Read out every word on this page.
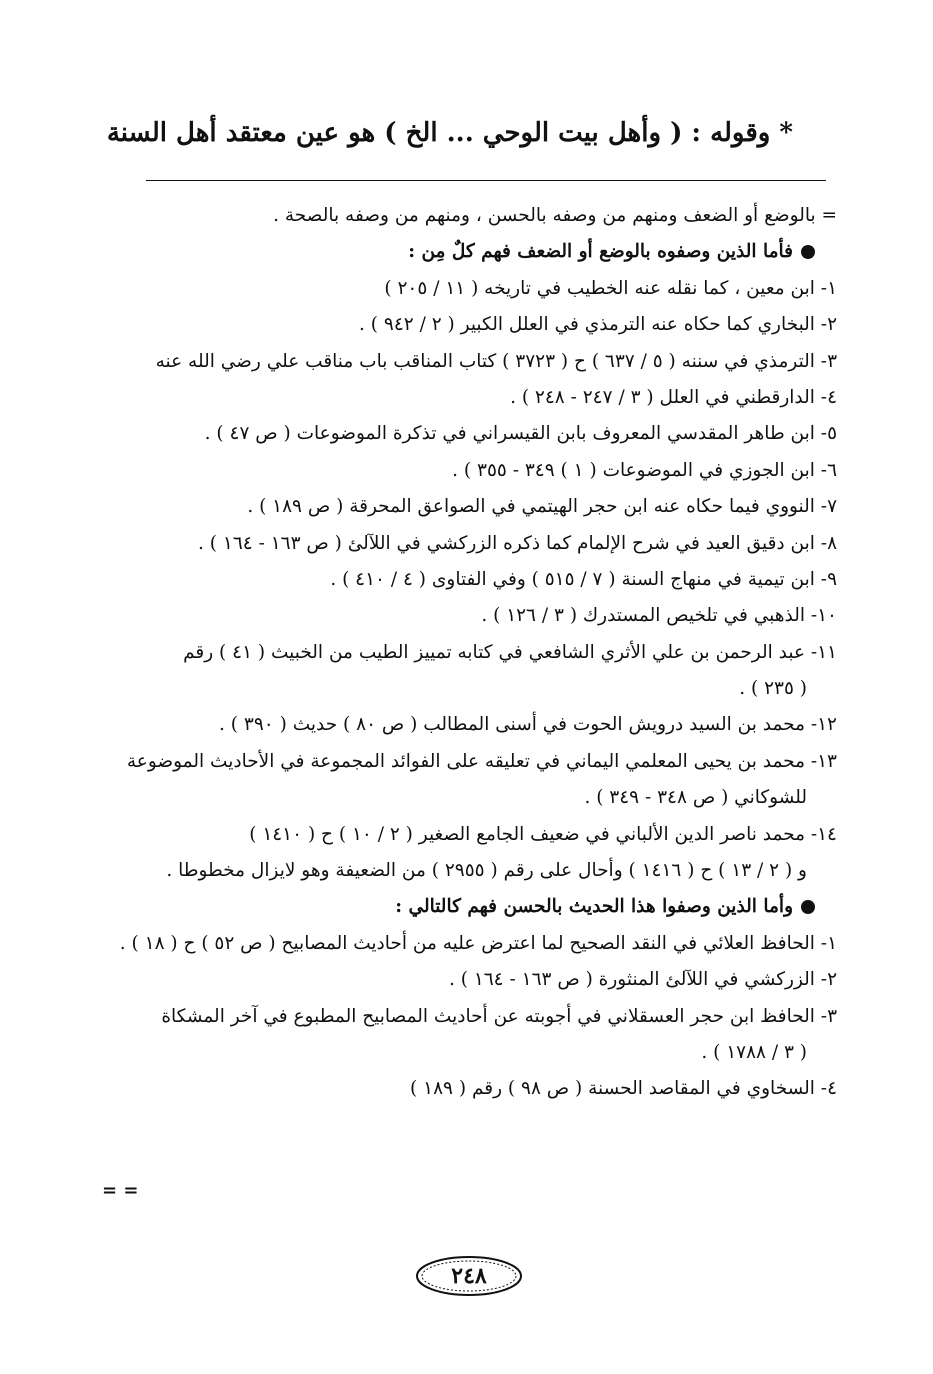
* وقوله : ( وأهل بيت الوحي ... الخ ) هو عين معتقد أهل السنة
= بالوضع أو الضعف ومنهم من وصفه بالحسن ، ومنهم من وصفه بالصحة .
فأما الذين وصفوه بالوضع أو الضعف فهم كلٌ مِن :
١- ابن معين ، كما نقله عنه الخطيب في تاريخه ( ١١ / ٢٠٥ )
٢- البخاري كما حكاه عنه الترمذي في العلل الكبير ( ٢ / ٩٤٢ ) .
٣- الترمذي في سننه ( ٥ / ٦٣٧ ) ح ( ٣٧٢٣ ) كتاب المناقب باب مناقب علي رضي الله عنه
٤- الدارقطني في العلل ( ٣ / ٢٤٧ - ٢٤٨ ) .
٥- ابن طاهر المقدسي المعروف بابن القيسراني في تذكرة الموضوعات ( ص ٤٧ ) .
٦- ابن الجوزي في الموضوعات ( ١ ) ٣٤٩ - ٣٥٥ ) .
٧- النووي فيما حكاه عنه ابن حجر الهيتمي في الصواعق المحرقة ( ص ١٨٩ ) .
٨- ابن دقيق العيد في شرح الإلمام كما ذكره الزركشي في اللآلئ ( ص ١٦٣ - ١٦٤ ) .
٩- ابن تيمية في منهاج السنة ( ٧ / ٥١٥ ) وفي الفتاوى ( ٤ / ٤١٠ ) .
١٠- الذهبي في تلخيص المستدرك ( ٣ / ١٢٦ ) .
١١- عبد الرحمن بن علي الأثري الشافعي في كتابه تمييز الطيب من الخبيث ( ٤١ ) رقم
( ٢٣٥ ) .
١٢- محمد بن السيد درويش الحوت في أسنى المطالب ( ص ٨٠ ) حديث ( ٣٩٠ ) .
١٣- محمد بن يحيى المعلمي اليماني في تعليقه على الفوائد المجموعة في الأحاديث الموضوعة
للشوكاني ( ص ٣٤٨ - ٣٤٩ ) .
١٤- محمد ناصر الدين الألباني في ضعيف الجامع الصغير ( ٢ / ١٠ ) ح ( ١٤١٠ )
و ( ٢ / ١٣ ) ح ( ١٤١٦ ) وأحال على رقم ( ٢٩٥٥ ) من الضعيفة وهو لايزال مخطوطا .
وأما الذين وصفوا هذا الحديث بالحسن فهم كالتالي :
١- الحافظ العلائي في النقد الصحيح لما اعترض عليه من أحاديث المصابيح ( ص ٥٢ ) ح ( ١٨ ) .
٢- الزركشي في اللآلئ المنثورة ( ص ١٦٣ - ١٦٤ ) .
٣- الحافظ ابن حجر العسقلاني في أجوبته عن أحاديث المصابيح المطبوع في آخر المشكاة
( ٣ / ١٧٨٨ ) .
٤- السخاوي في المقاصد الحسنة ( ص ٩٨ ) رقم ( ١٨٩ )
= =
٢٤٨
